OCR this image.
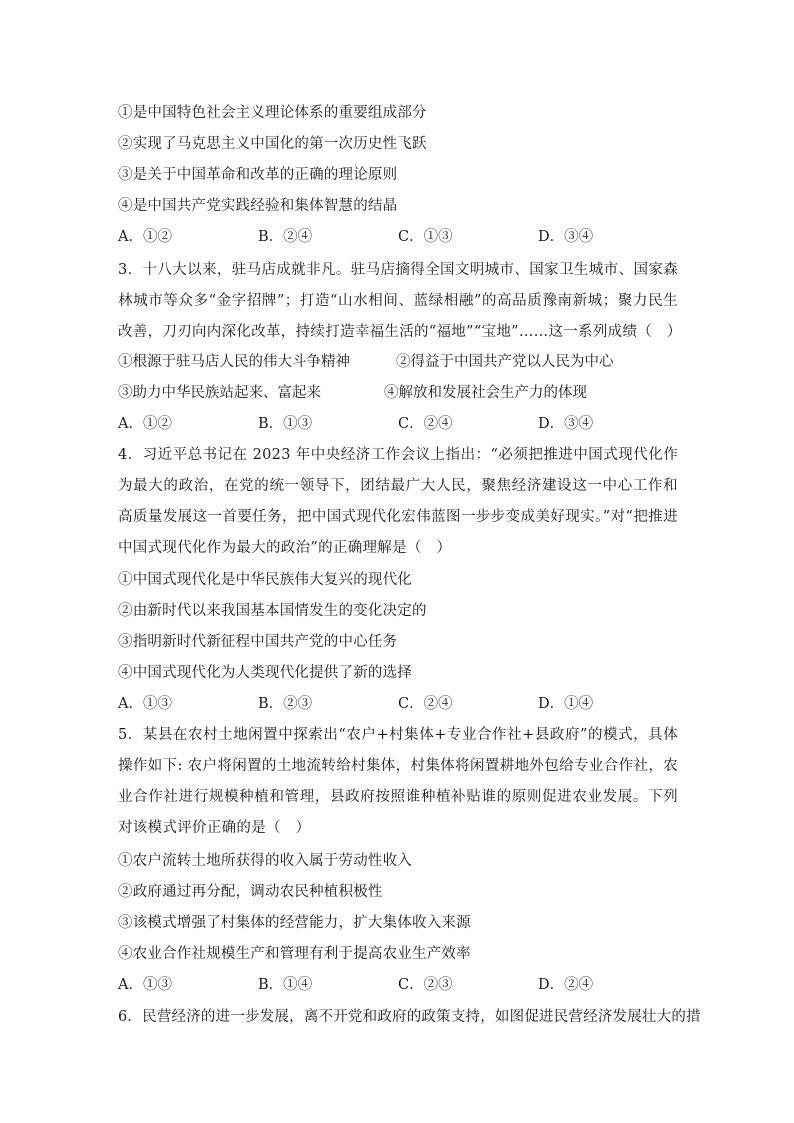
①是中国特色社会主义理论体系的重要组成部分
②实现了马克思主义中国化的第一次历史性飞跃
③是关于中国革命和改革的正确的理论原则
④是中国共产党实践经验和集体智慧的结晶
A．①②	B．②④	C．①③	D．③④
3．十八大以来，驻马店成就非凡。驻马店摘得全国文明城市、国家卫生城市、国家森林城市等众多“金字招牌”；打造“山水相间、蓝绿相融”的高品质豫南新城；聚力民生改善，刀刃向内深化改革，持续打造幸福生活的“福地”“宝地”……这一系列成绩（　）
①根源于驻马店人民的伟大斗争精神	②得益于中国共产党以人民为中心
③助力中华民族站起来、富起来	④解放和发展社会生产力的体现
A．①②	B．①③	C．②④	D．③④
4．习近平总书记在 2023 年中央经济工作会议上指出：“必须把推进中国式现代化作为最大的政治，在党的统一领导下，团结最广大人民，聚焦经济建设这一中心工作和高质量发展这一首要任务，把中国式现代化宏伟蓝图一步步变成美好现实。”对“把推进中国式现代化作为最大的政治”的正确理解是（　）
①中国式现代化是中华民族伟大复兴的现代化
②由新时代以来我国基本国情发生的变化决定的
③指明新时代新征程中国共产党的中心任务
④中国式现代化为人类现代化提供了新的选择
A．①③	B．②③	C．②④	D．①④
5．某县在农村土地闲置中探索出“农户+村集体+专业合作社+县政府”的模式，具体操作如下: 农户将闲置的土地流转给村集体，村集体将闲置耕地外包给专业合作社，农业合作社进行规模种植和管理，县政府按照谁种植补贴谁的原则促进农业发展。下列对该模式评价正确的是（　）
①农户流转土地所获得的收入属于劳动性收入
②政府通过再分配，调动农民种植积极性
③该模式增强了村集体的经营能力，扩大集体收入来源
④农业合作社规模生产和管理有利于提高农业生产效率
A．①③	B．①④	C．②③	D．②④
6．民营经济的进一步发展，离不开党和政府的政策支持，如图促进民营经济发展壮大的措
